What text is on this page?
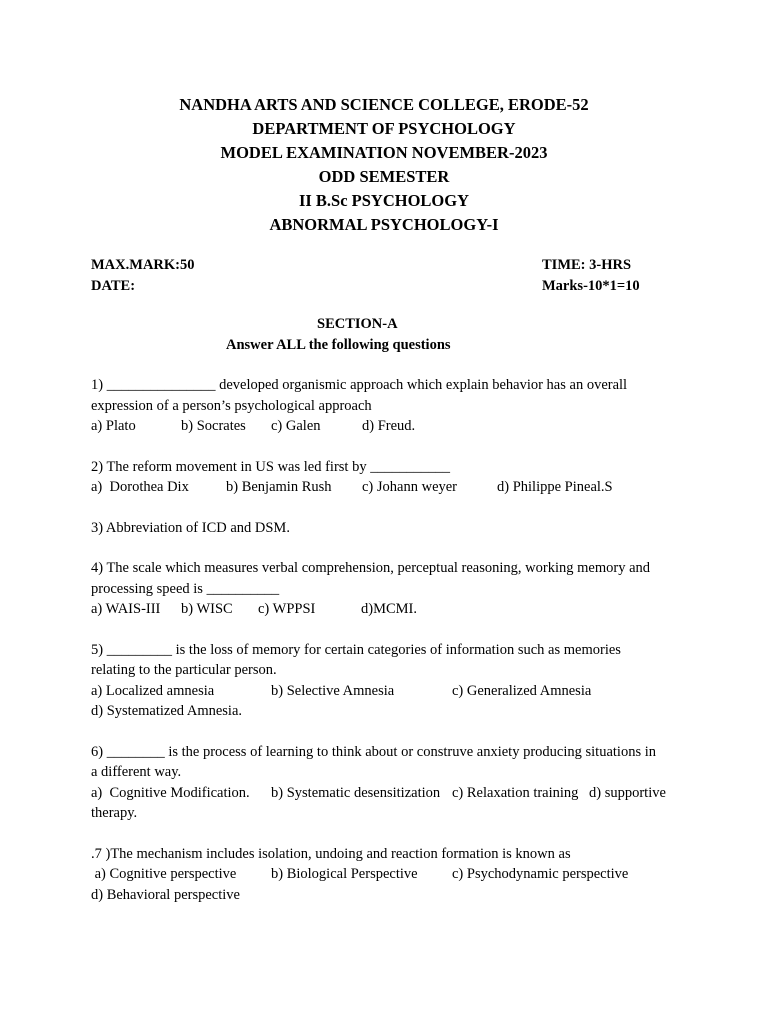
NANDHA ARTS AND SCIENCE COLLEGE, ERODE-52
DEPARTMENT OF PSYCHOLOGY
MODEL EXAMINATION NOVEMBER-2023
ODD SEMESTER
II B.Sc PSYCHOLOGY
ABNORMAL PSYCHOLOGY-I
MAX.MARK:50	TIME: 3-HRS
DATE:	Marks-10*1=10
SECTION-A
Answer ALL the following questions
1) _______________ developed organismic approach which explain behavior has an overall
expression of a person’s psychological approach
a) Plato	b) Socrates c) Galen	d) Freud.
2) The reform movement in US was led first by ___________
a)  Dorothea Dix	b) Benjamin Rush c) Johann weyer	d) Philippe Pineal.S
3) Abbreviation of ICD and DSM.
4) The scale which measures verbal comprehension, perceptual reasoning, working memory and
processing speed is __________
a) WAIS-III b) WISC c) WPPSI	d)MCMI.
5) _________ is the loss of memory for certain categories of information such as memories
relating to the particular person.
a) Localized amnesia	b) Selective Amnesia	c) Generalized Amnesia
d) Systematized Amnesia.
6) ________ is the process of learning to think about or construve anxiety producing situations in
a different way.
a)  Cognitive Modification. b) Systematic desensitization c) Relaxation training d) supportive
therapy.
.7 )The mechanism includes isolation, undoing and reaction formation is known as
a) Cognitive perspective b) Biological Perspective c) Psychodynamic perspective
d) Behavioral perspective
